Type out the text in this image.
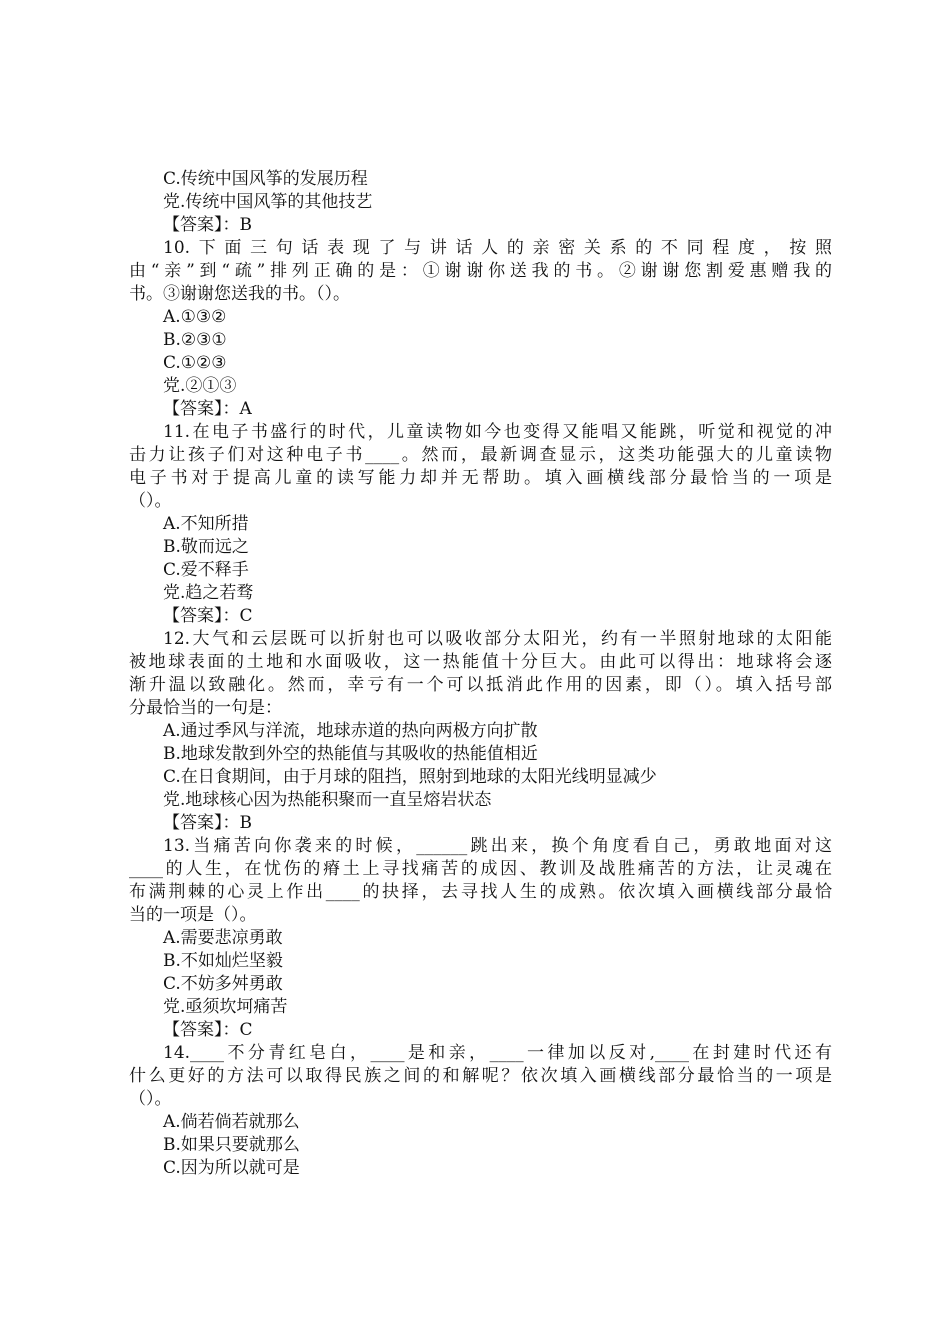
C.传统中国风筝的发展历程
党.传统中国风筝的其他技艺
【答案】：B
10.下面三句话表现了与讲话人的亲密关系的不同程度，按照
由“亲”到“疏”排列正确的是：①谢谢你送我的书。②谢谢您割爱惠赠我的
书。③谢谢您送我的书。（）。
A.①③②
B.②③①
C.①②③
党.②①③
【答案】：A
11.在电子书盛行的时代，儿童读物如今也变得又能唱又能跳，听觉和视觉的冲
击力让孩子们对这种电子书____。然而，最新调查显示，这类功能强大的儿童读物
电子书对于提高儿童的读写能力却并无帮助。填入画横线部分最恰当的一项是
（）。
A.不知所措
B.敬而远之
C.爱不释手
党.趋之若骛
【答案】：C
12.大气和云层既可以折射也可以吸收部分太阳光，约有一半照射地球的太阳能
被地球表面的土地和水面吸收，这一热能值十分巨大。由此可以得出：地球将会逐
渐升温以致融化。然而，幸亏有一个可以抵消此作用的因素，即（）。填入括号部
分最恰当的一句是：
A.通过季风与洋流，地球赤道的热向两极方向扩散
B.地球发散到外空的热能值与其吸收的热能值相近
C.在日食期间，由于月球的阻挡，照射到地球的太阳光线明显减少
党.地球核心因为热能积聚而一直呈熔岩状态
【答案】：B
13.当痛苦向你袭来的时候，______跳出来，换个角度看自己，勇敢地面对这
____的人生，在忧伤的瘠土上寻找痛苦的成因、教训及战胜痛苦的方法，让灵魂在
布满荆棘的心灵上作出____的抉择，去寻找人生的成熟。依次填入画横线部分最恰
当的一项是（）。
A.需要悲凉勇敢
B.不如灿烂坚毅
C.不妨多舛勇敢
党.亟须坎坷痛苦
【答案】：C
14.____不分青红皂白，____是和亲，____一律加以反对,____在封建时代还有
什么更好的方法可以取得民族之间的和解呢？依次填入画横线部分最恰当的一项是
（）。
A.倘若倘若就那么
B.如果只要就那么
C.因为所以就可是
